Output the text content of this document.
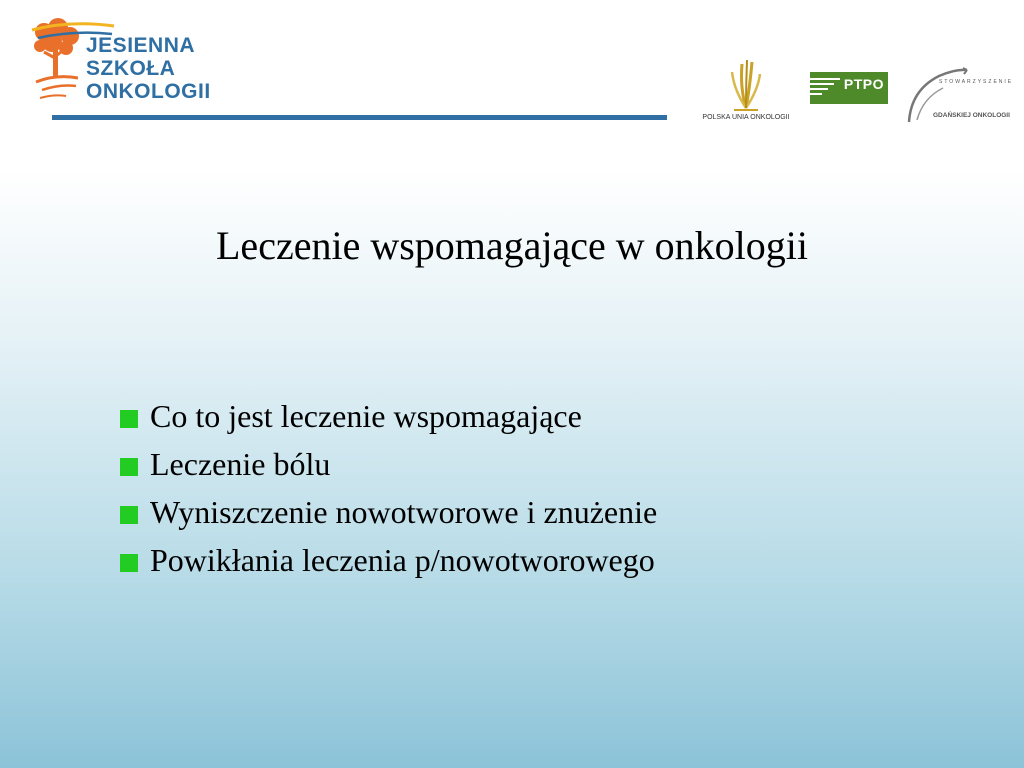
JESIENNA
SZKOŁA
ONKOLOGII
POLSKA UNIA ONKOLOGII
PTPO	STOWARZYSZENIE
GDAŃSKIEJ ONKOLOGII
Leczenie wspomagające w onkologii
Co to jest leczenie wspomagające
Leczenie bólu
Wyniszczenie nowotworowe i znużenie
Powikłania leczenia p/nowotworowego
